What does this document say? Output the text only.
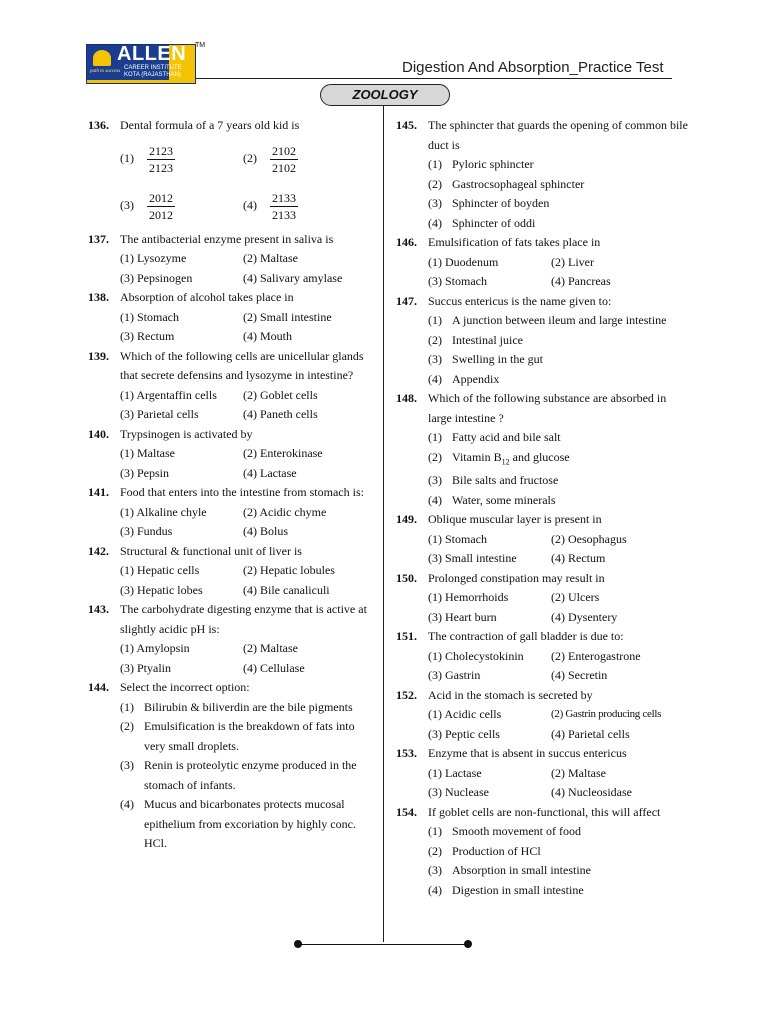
ALLEN
CAREER INSTITUTE
KOTA (RAJASTHAN)
path to success
TM
Digestion And Absorption_Practice Test
ZOOLOGY
136. Dental formula of a 7 years old kid is
(1)	$\frac{2123}{2123}$	(2)	$\frac{2102}{2102}$
(3)	$\frac{2012}{2012}$	(4)	$\frac{2133}{2133}$
137. The antibacterial enzyme present in saliva is
(1) Lysozyme	(2) Maltase
(3) Pepsinogen	(4) Salivary amylase
138. Absorption of alcohol takes place in
(1) Stomach	(2) Small intestine
(3) Rectum	(4) Mouth
139. Which of the following cells are unicellular glands that secrete defensins and lysozyme in intestine?
(1) Argentaffin cells	(2) Goblet cells
(3) Parietal cells	(4) Paneth cells
140. Trypsinogen is activated by
(1) Maltase	(2) Enterokinase
(3) Pepsin	(4) Lactase
141. Food that enters into the intestine from stomach is:
(1) Alkaline chyle	(2) Acidic chyme
(3) Fundus	(4) Bolus
142. Structural & functional unit of liver is
(1) Hepatic cells	(2) Hepatic lobules
(3) Hepatic lobes	(4) Bile canaliculi
143. The carbohydrate digesting enzyme that is active at slightly acidic pH is:
(1) Amylopsin	(2) Maltase
(3) Ptyalin	(4) Cellulase
144. Select the incorrect option:
(1) Bilirubin & biliverdin are the bile pigments
(2) Emulsification is the breakdown of fats into very small droplets.
(3) Renin is proteolytic enzyme produced in the stomach of infants.
(4) Mucus and bicarbonates protects mucosal epithelium from excoriation by highly conc. HCl.
145. The sphincter that guards the opening of common bile duct is
(1) Pyloric sphincter
(2) Gastrocsophageal sphincter
(3) Sphincter of boyden
(4) Sphincter of oddi
146. Emulsification of fats takes place in
(1) Duodenum	(2) Liver
(3) Stomach	(4) Pancreas
147. Succus entericus is the name given to:
(1) A junction between ileum and large intestine
(2) Intestinal juice
(3) Swelling in the gut
(4) Appendix
148. Which of the following substance are absorbed in large intestine ?
(1) Fatty acid and bile salt
(2) Vitamin $B_{12}$ and glucose
(3) Bile salts and fructose
(4) Water, some minerals
149. Oblique muscular layer is present in
(1) Stomach	(2) Oesophagus
(3) Small intestine	(4) Rectum
150. Prolonged constipation may result in
(1) Hemorrhoids	(2) Ulcers
(3) Heart burn	(4) Dysentery
151. The contraction of gall bladder is due to:
(1) Cholecystokinin	(2) Enterogastrone
(3) Gastrin	(4) Secretin
152. Acid in the stomach is secreted by
(1) Acidic cells	(2) Gastrin producing cells
(3) Peptic cells	(4) Parietal cells
153. Enzyme that is absent in succus entericus
(1) Lactase	(2) Maltase
(3) Nuclease	(4) Nucleosidase
154. If goblet cells are non-functional, this will affect
(1) Smooth movement of food
(2) Production of HCl
(3) Absorption in small intestine
(4) Digestion in small intestine
